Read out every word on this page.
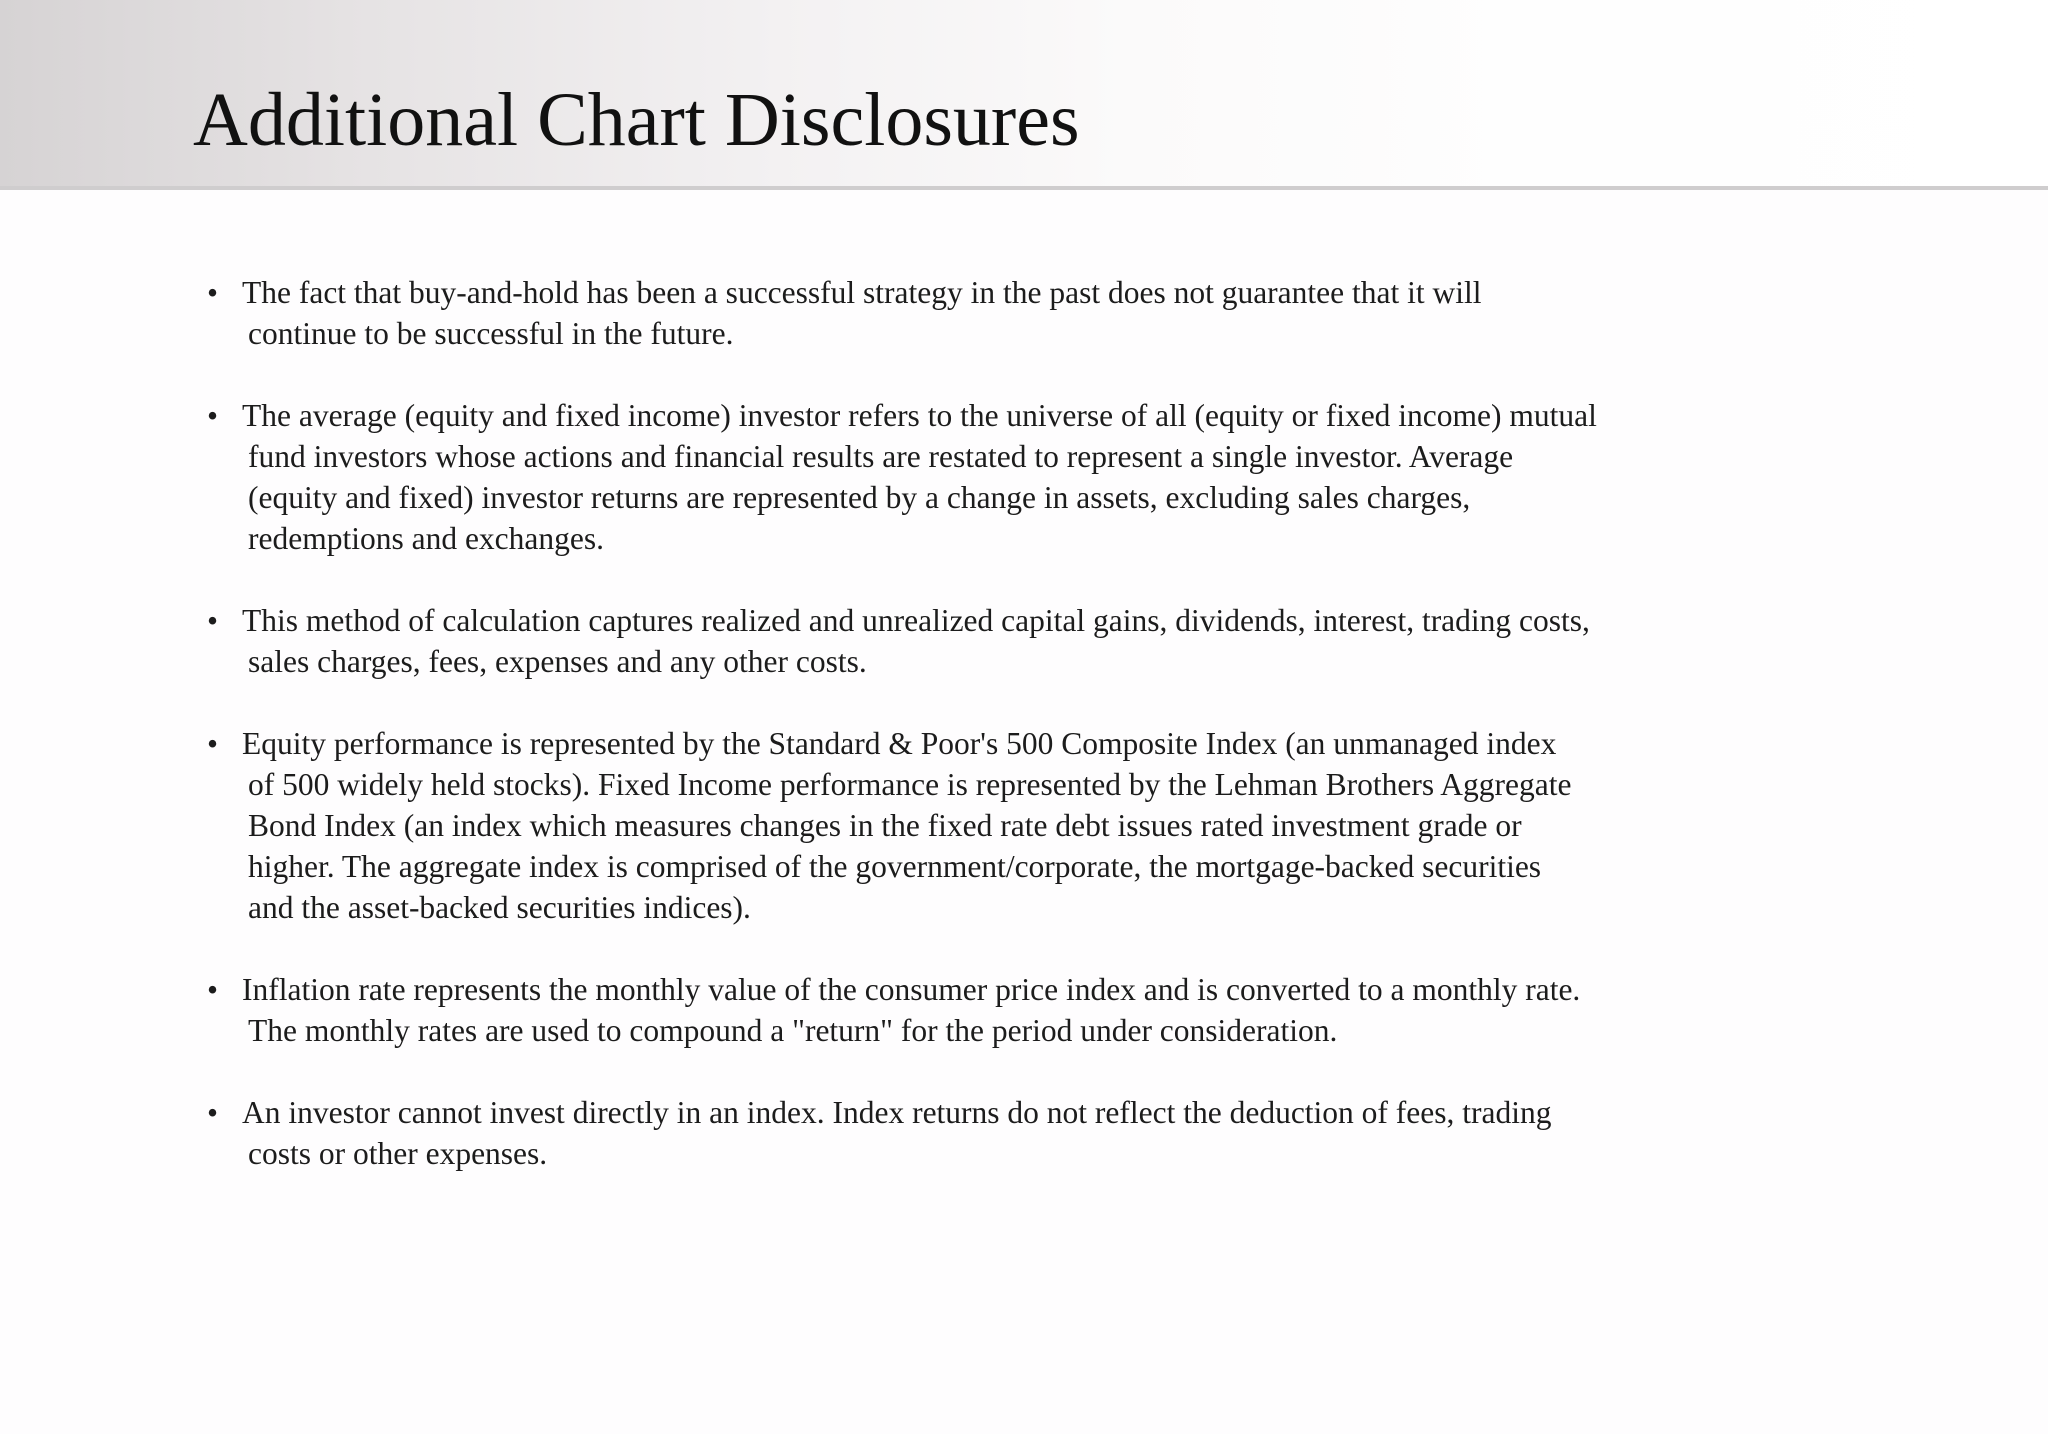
Additional Chart Disclosures
• The fact that buy-and-hold has been a successful strategy in the past does not guarantee that it will
continue to be successful in the future.
• The average (equity and fixed income) investor refers to the universe of all (equity or fixed income) mutual
fund investors whose actions and financial results are restated to represent a single investor. Average
(equity and fixed) investor returns are represented by a change in assets, excluding sales charges,
redemptions and exchanges.
• This method of calculation captures realized and unrealized capital gains, dividends, interest, trading costs,
sales charges, fees, expenses and any other costs.
• Equity performance is represented by the Standard & Poor's 500 Composite Index (an unmanaged index
of 500 widely held stocks). Fixed Income performance is represented by the Lehman Brothers Aggregate
Bond Index (an index which measures changes in the fixed rate debt issues rated investment grade or
higher. The aggregate index is comprised of the government/corporate, the mortgage-backed securities
and the asset-backed securities indices).
• Inflation rate represents the monthly value of the consumer price index and is converted to a monthly rate.
The monthly rates are used to compound a "return" for the period under consideration.
• An investor cannot invest directly in an index. Index returns do not reflect the deduction of fees, trading
costs or other expenses.
